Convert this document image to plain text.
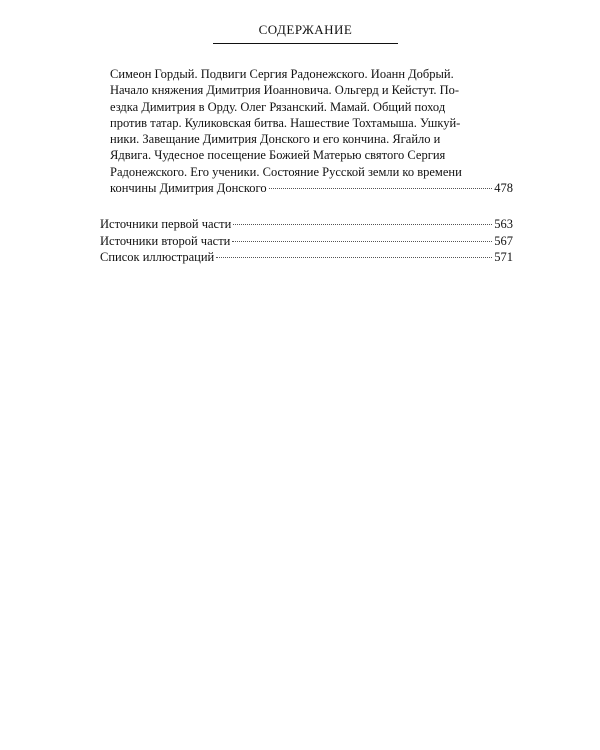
СОДЕРЖАНИЕ
Симеон Гордый. Подвиги Сергия Радонежского. Иоанн Добрый.
Начало княжения Димитрия Иоанновича. Ольгерд и Кейстут. По-
ездка Димитрия в Орду. Олег Рязанский. Мамай. Общий поход
против татар. Куликовская битва. Нашествие Тохтамыша. Ушкуй-
ники. Завещание Димитрия Донского и его кончина. Ягайло и
Ядвига. Чудесное посещение Божией Матерью святого Сергия
Радонежского. Его ученики. Состояние Русской земли ко времени
кончины Димитрия Донского	478
Источники первой части	563
Источники второй части	567
Список иллюстраций	571
